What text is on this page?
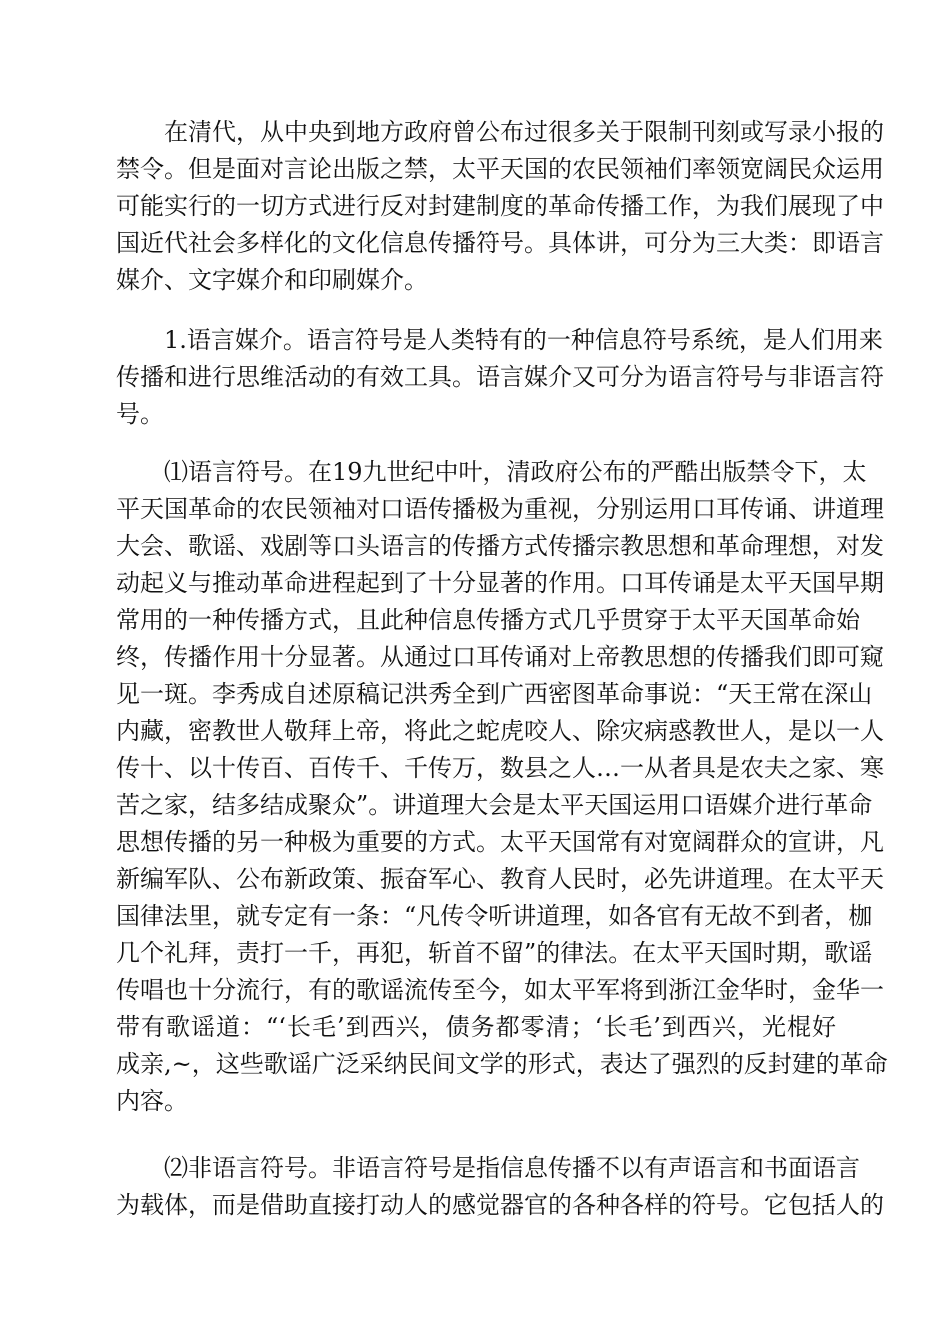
在清代，从中央到地方政府曾公布过很多关于限制刊刻或写录小报的
禁令。但是面对言论出版之禁，太平天国的农民领袖们率领宽阔民众运用
可能实行的一切方式进行反对封建制度的革命传播工作，为我们展现了中
国近代社会多样化的文化信息传播符号。具体讲，可分为三大类：即语言
媒介、文字媒介和印刷媒介。
1.语言媒介。语言符号是人类特有的一种信息符号系统，是人们用来
传播和进行思维活动的有效工具。语言媒介又可分为语言符号与非语言符
号。
⑴语言符号。在19九世纪中叶，清政府公布的严酷出版禁令下，太
平天国革命的农民领袖对口语传播极为重视，分别运用口耳传诵、讲道理
大会、歌谣、戏剧等口头语言的传播方式传播宗教思想和革命理想，对发
动起义与推动革命进程起到了十分显著的作用。口耳传诵是太平天国早期
常用的一种传播方式，且此种信息传播方式几乎贯穿于太平天国革命始
终，传播作用十分显著。从通过口耳传诵对上帝教思想的传播我们即可窥
见一斑。李秀成自述原稿记洪秀全到广西密图革命事说：“天王常在深山
内藏，密教世人敬拜上帝，将此之蛇虎咬人、除灾病惑教世人，是以一人
传十、以十传百、百传千、千传万，数县之人…一从者具是农夫之家、寒
苦之家，结多结成聚众”。讲道理大会是太平天国运用口语媒介进行革命
思想传播的另一种极为重要的方式。太平天国常有对宽阔群众的宣讲，凡
新编军队、公布新政策、振奋军心、教育人民时，必先讲道理。在太平天
国律法里，就专定有一条：“凡传令听讲道理，如各官有无故不到者，枷
几个礼拜，责打一千，再犯，斩首不留”的律法。在太平天国时期，歌谣
传唱也十分流行，有的歌谣流传至今，如太平军将到浙江金华时，金华一
带有歌谣道：“‘长毛’到西兴，债务都零清；‘长毛’到西兴，光棍好
成亲,~，这些歌谣广泛采纳民间文学的形式，表达了强烈的反封建的革命
内容。
⑵非语言符号。非语言符号是指信息传播不以有声语言和书面语言
为载体，而是借助直接打动人的感觉器官的各种各样的符号。它包括人的
